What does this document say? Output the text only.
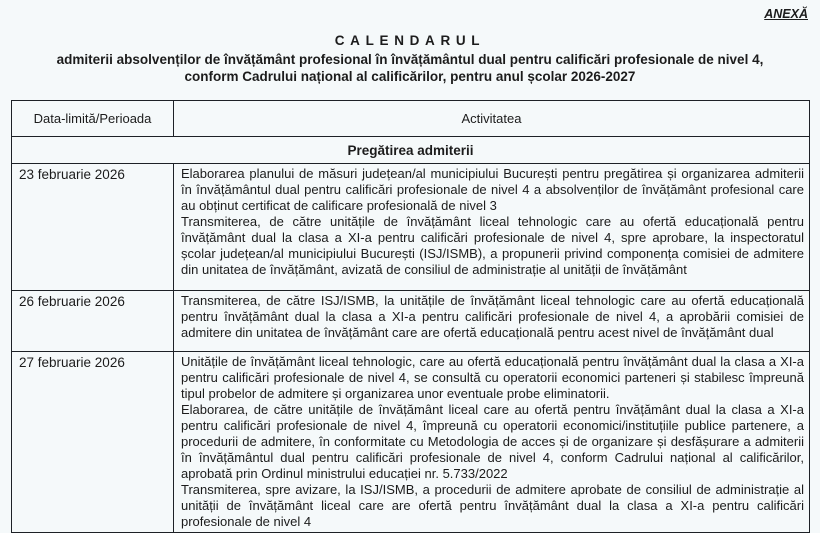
ANEXĂ
CALENDARUL
admiterii absolvenților de învățământ profesional în învățământul dual pentru calificări profesionale de nivel 4,
conform Cadrului național al calificărilor, pentru anul școlar 2026-2027
Data-limită/Perioada	Activitatea
Pregătirea admiterii	
23 februarie 2026	Elaborarea planului de măsuri județean/al municipiului București pentru pregătirea și organizarea admiterii în învățământul dual pentru calificări profesionale de nivel 4 a absolvenților de învățământ profesional care au obținut certificat de calificare profesională de nivel 3
Transmiterea, de către unitățile de învățământ liceal tehnologic care au ofertă educațională pentru învățământ dual la clasa a XI-a pentru calificări profesionale de nivel 4, spre aprobare, la inspectoratul școlar județean/al municipiului București (ISJ/ISMB), a propunerii privind componența comisiei de admitere din unitatea de învățământ, avizată de consiliul de administrație al unității de învățământ

26 februarie 2026	Transmiterea, de către ISJ/ISMB, la unitățile de învățământ liceal tehnologic care au ofertă educațională pentru învățământ dual la clasa a XI-a pentru calificări profesionale de nivel 4, a aprobării comisiei de admitere din unitatea de învățământ care are ofertă educațională pentru acest nivel de învățământ dual

27 februarie 2026	Unitățile de învățământ liceal tehnologic, care au ofertă educațională pentru învățământ dual la clasa a XI-a pentru calificări profesionale de nivel 4, se consultă cu operatorii economici parteneri și stabilesc împreună tipul probelor de admitere și organizarea unor eventuale probe eliminatorii.
Elaborarea, de către unitățile de învățământ liceal care au ofertă pentru învățământ dual la clasa a XI-a pentru calificări profesionale de nivel 4, împreună cu operatorii economici/instituțiile publice partenere, a procedurii de admitere, în conformitate cu Metodologia de acces și de organizare și desfășurare a admiterii în învățământul dual pentru calificări profesionale de nivel 4, conform Cadrului național al calificărilor, aprobată prin Ordinul ministrului educației nr. 5.733/2022
Transmiterea, spre avizare, la ISJ/ISMB, a procedurii de admitere aprobate de consiliul de administrație al unității de învățământ liceal care are ofertă pentru învățământ dual la clasa a XI-a pentru calificări profesionale de nivel 4
